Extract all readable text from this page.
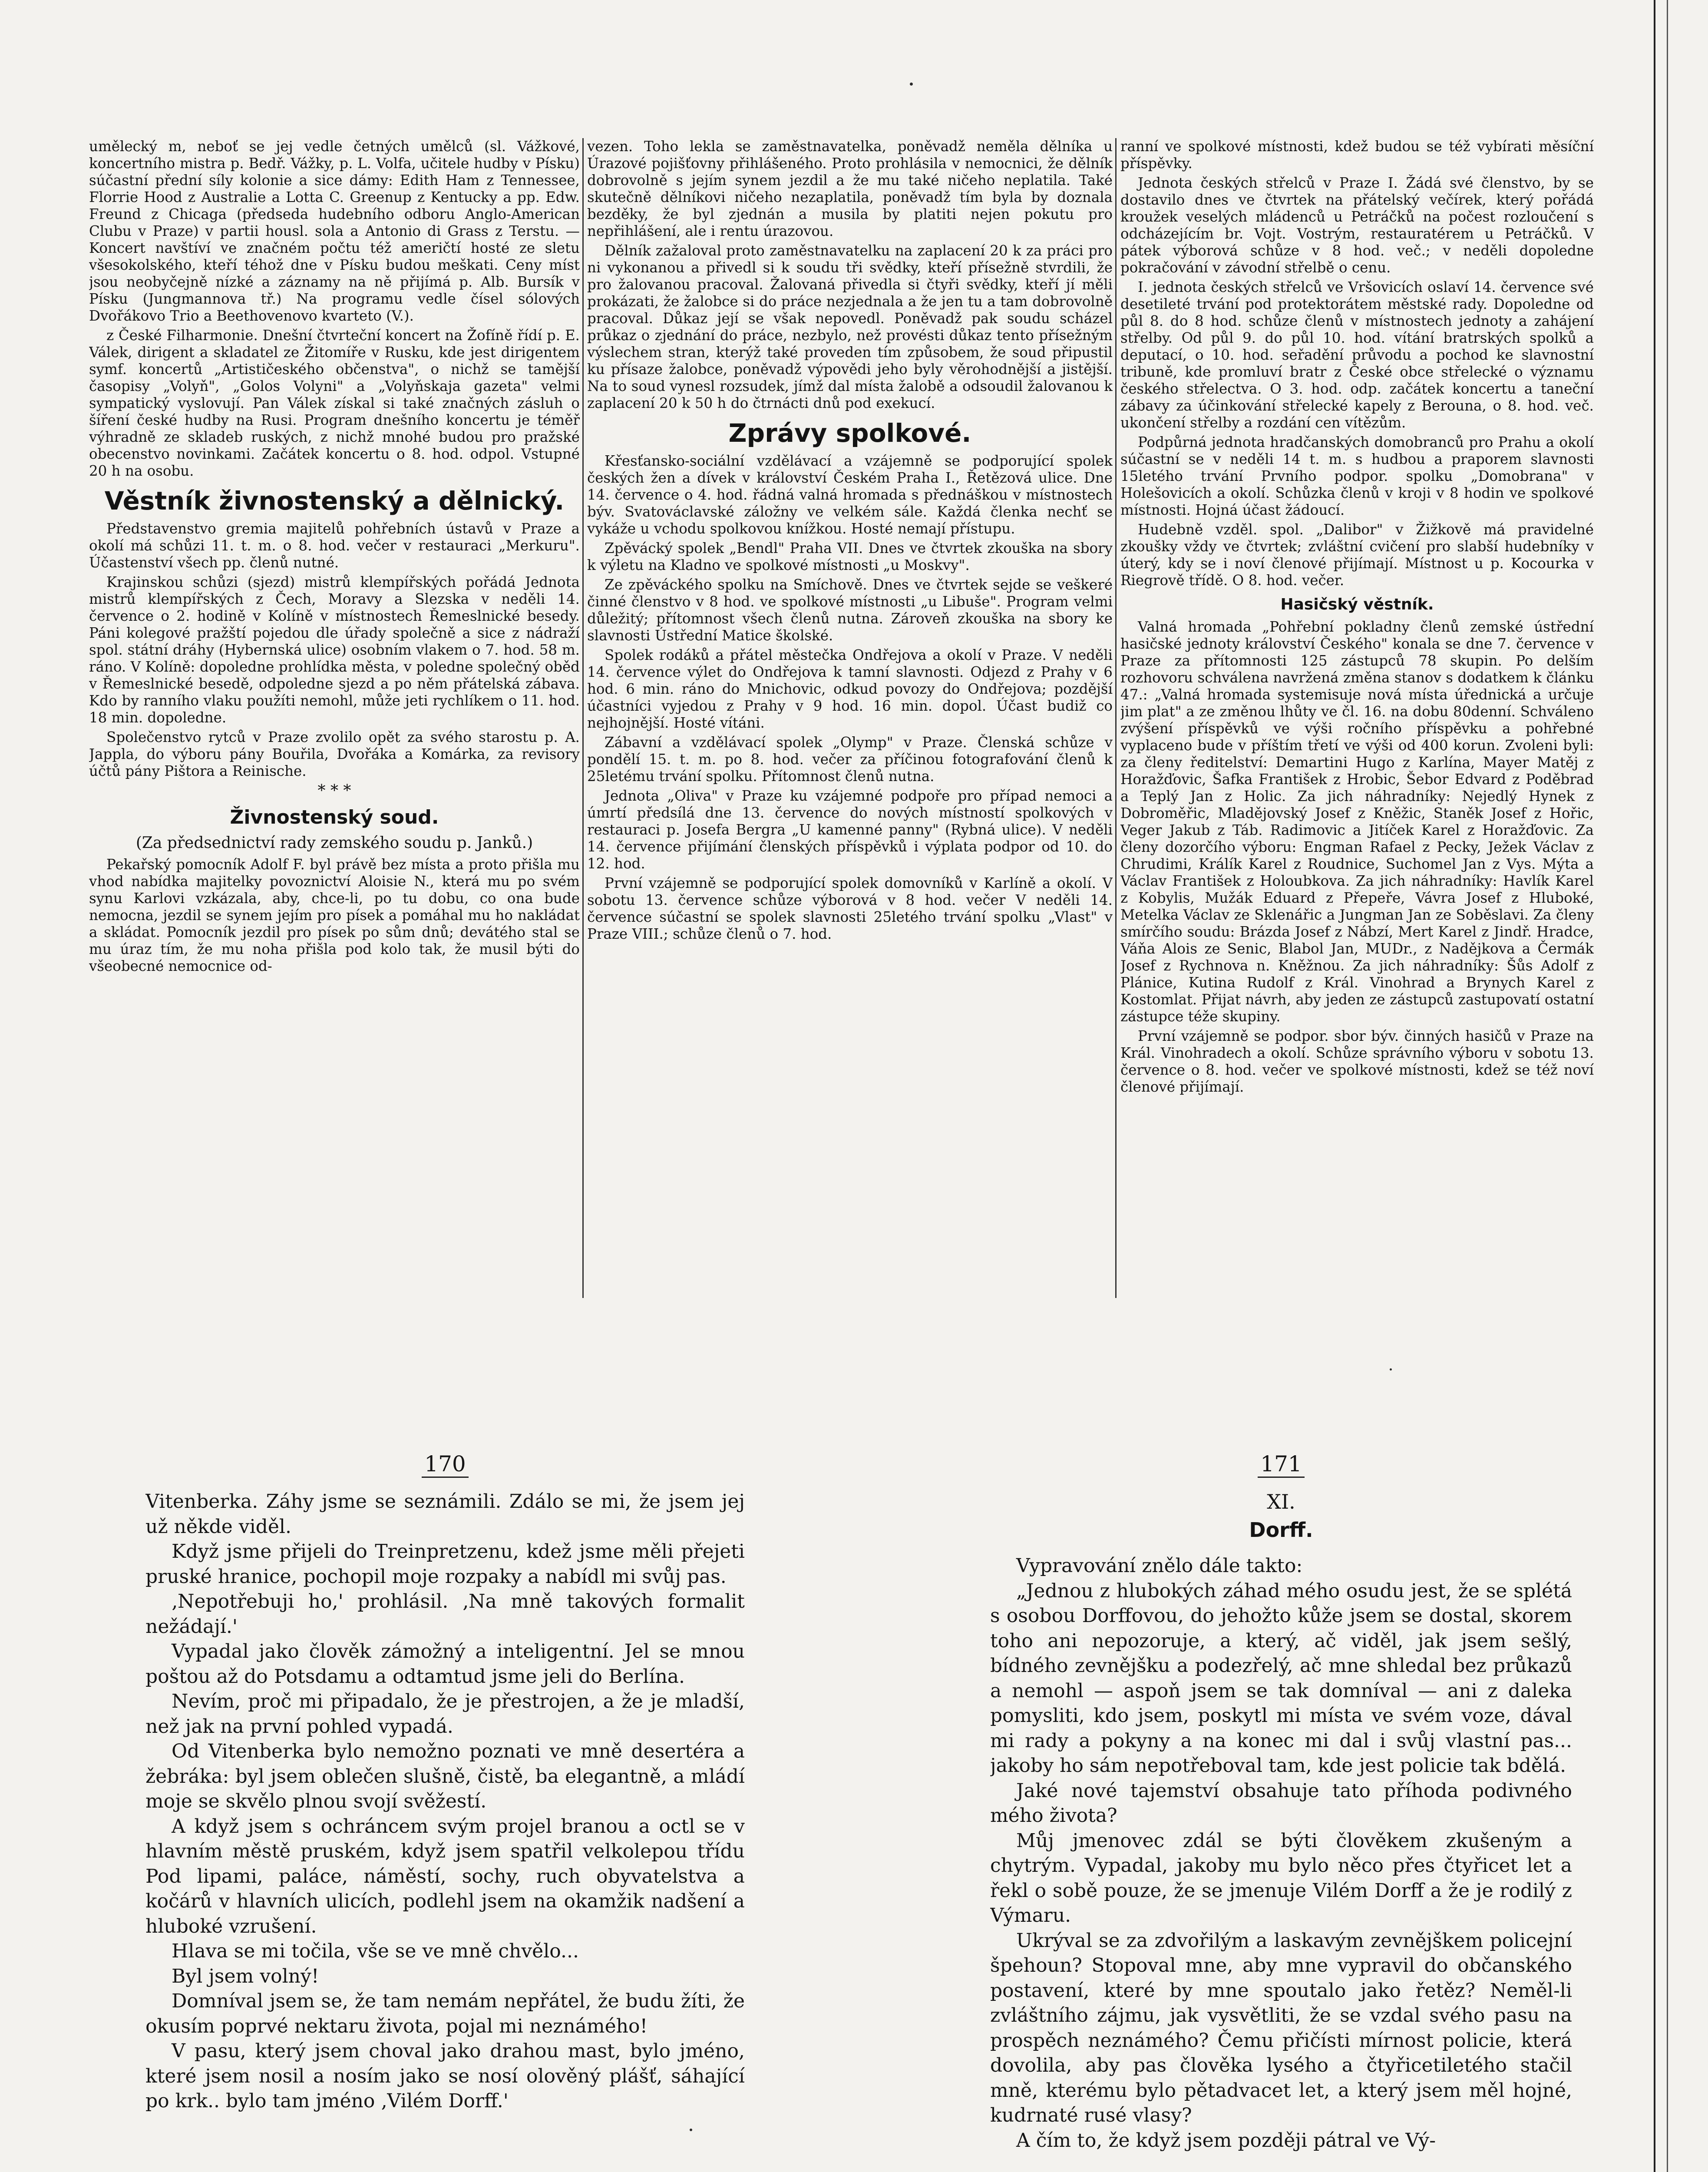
umělecký m, neboť se jej vedle četných umělců (sl. Vážkové, koncertního mistra p. Bedř. Vážky, p. L. Volfa, učitele hudby v Písku) súčastní přední síly kolonie a sice dámy: Edith Ham z Tennessee, Florrie Hood z Australie a Lotta C. Greenup z Kentucky a pp. Edw. Freund z Chicaga (předseda hudebního odboru Anglo-American Clubu v Praze) v partii housl. sola a Antonio di Grass z Terstu. — Koncert navštíví ve značném počtu též američtí hosté ze sletu všesokolského, kteří téhož dne v Písku budou meškati. Ceny míst jsou neobyčejně nízké a záznamy na ně přijímá p. Alb. Bursík v Písku (Jungmannova tř.) Na programu vedle čísel sólových Dvořákovo Trio a Beethovenovo kvarteto (V.).

z České Filharmonie. Dnešní čtvrteční koncert na Žofíně řídí p. E. Válek, dirigent a skladatel ze Žitomíře v Rusku, kde jest dirigentem symf. koncertů „Artističeského občenstva", o nichž se tamější časopisy „Volyň", „Golos Volyni" a „Volyňskaja gazeta" velmi sympatický vyslovují. Pan Válek získal si také značných zásluh o šíření české hudby na Rusi. Program dnešního koncertu je téměř výhradně ze skladeb ruských, z nichž mnohé budou pro pražské obecenstvo novinkami. Začátek koncertu o 8. hod. odpol. Vstupné 20 h na osobu.

Věstník živnostenský a dělnický.

Představenstvo gremia majitelů pohřebních ústavů v Praze a okolí má schůzi 11. t. m. o 8. hod. večer v restauraci „Merkuru". Účastenství všech pp. členů nutné.

Krajinskou schůzi (sjezd) mistrů klempířských pořádá Jednota mistrů klempířských z Čech, Moravy a Slezska v neděli 14. července o 2. hodině v Kolíně v místnostech Řemeslnické besedy. Páni kolegové pražští pojedou dle úřady společně a sice z nádraží spol. státní dráhy (Hybernská ulice) osobním vlakem o 7. hod. 58 m. ráno. V Kolíně: dopoledne prohlídka města, v poledne společný oběd v Řemeslnické besedě, odpoledne sjezd a po něm přátelská zábava. Kdo by ranního vlaku použíti nemohl, může jeti rychlíkem o 11. hod. 18 min. dopoledne.

Společenstvo rytců v Praze zvolilo opět za svého starostu p. A. Jappla, do výboru pány Bouřila, Dvořáka a Komárka, za revisory účtů pány Pištora a Reinische.

* * *
Živnostenský soud.
(Za předsednictví rady zemského soudu p. Janků.)

Pekařský pomocník Adolf F. byl právě bez místa a proto přišla mu vhod nabídka majitelky povoznictví Aloisie N., která mu po svém synu Karlovi vzkázala, aby, chce-li, po tu dobu, co ona bude nemocna, jezdil se synem jejím pro písek a pomáhal mu ho nakládat a skládat. Pomocník jezdil pro písek po sům dnů; devátého stal se mu úraz tím, že mu noha přišla pod kolo tak, že musil býti do všeobecné nemocnice od-

vezen. Toho lekla se zaměstnavatelka, poněvadž neměla dělníka u Úrazové pojišťovny přihlášeného. Proto prohlásila v nemocnici, že dělník dobrovolně s jejím synem jezdil a že mu také ničeho neplatila. Také skutečně dělníkovi ničeho nezaplatila, poněvadž tím byla by doznala bezděky, že byl zjednán a musila by platiti nejen pokutu pro nepřihlášení, ale i rentu úrazovou.

Dělník zažaloval proto zaměstnavatelku na zaplacení 20 k za práci pro ni vykonanou a přivedl si k soudu tři svědky, kteří přísežně stvrdili, že pro žalovanou pracoval. Žalovaná přivedla si čtyři svědky, kteří jí měli prokázati, že žalobce si do práce nezjednala a že jen tu a tam dobrovolně pracoval. Důkaz její se však nepovedl. Poněvadž pak soudu scházel průkaz o zjednání do práce, nezbylo, než provésti důkaz tento přísežným výslechem stran, kterýž také proveden tím způsobem, že soud připustil ku přísaze žalobce, poněvadž výpovědi jeho byly věrohodnější a jistější. Na to soud vynesl rozsudek, jímž dal místa žalobě a odsoudil žalovanou k zaplacení 20 k 50 h do čtrnácti dnů pod exekucí.

Zprávy spolkové.

Křesťansko-sociální vzdělávací a vzájemně se podporující spolek českých žen a dívek v království Českém Praha I., Řetězová ulice. Dne 14. července o 4. hod. řádná valná hromada s přednáškou v místnostech býv. Svatováclavské záložny ve velkém sále. Každá členka nechť se vykáže u vchodu spolkovou knížkou. Hosté nemají přístupu.

Zpěvácký spolek „Bendl" Praha VII. Dnes ve čtvrtek zkouška na sbory k výletu na Kladno ve spolkové místnosti „u Moskvy".

Ze zpěváckého spolku na Smíchově. Dnes ve čtvrtek sejde se veškeré činné členstvo v 8 hod. ve spolkové místnosti „u Libuše". Program velmi důležitý; přítomnost všech členů nutna. Zároveň zkouška na sbory ke slavnosti Ústřední Matice školské.

Spolek rodáků a přátel městečka Ondřejova a okolí v Praze. V neděli 14. července výlet do Ondřejova k tamní slavnosti. Odjezd z Prahy v 6 hod. 6 min. ráno do Mnichovic, odkud povozy do Ondřejova; pozdější účastníci vyjedou z Prahy v 9 hod. 16 min. dopol. Účast budiž co nejhojnější. Hosté vítáni.

Zábavní a vzdělávací spolek „Olymp" v Praze. Členská schůze v pondělí 15. t. m. po 8. hod. večer za příčinou fotografování členů k 25letému trvání spolku. Přítomnost členů nutna.

Jednota „Oliva" v Praze ku vzájemné podpoře pro případ nemoci a úmrtí předsílá dne 13. července do nových místností spolkových v restauraci p. Josefa Bergra „U kamenné panny" (Rybná ulice). V neděli 14. července přijímání členských příspěvků i výplata podpor od 10. do 12. hod.

První vzájemně se podporující spolek domovníků v Karlíně a okolí. V sobotu 13. července schůze výborová v 8 hod. večer V neděli 14. července súčastní se spolek slavnosti 25letého trvání spolku „Vlast" v Praze VIII.; schůze členů o 7. hod.

ranní ve spolkové místnosti, kdež budou se též vybírati měsíční příspěvky.

Jednota českých střelců v Praze I. Žádá své členstvo, by se dostavilo dnes ve čtvrtek na přátelský večírek, který pořádá kroužek veselých mládenců u Petráčků na počest rozloučení s odcházejícím br. Vojt. Vostrým, restauratérem u Petráčků. V pátek výborová schůze v 8 hod. več.; v neděli dopoledne pokračování v závodní střelbě o cenu.

I. jednota českých střelců ve Vršovicích oslaví 14. července své desetileté trvání pod protektorátem městské rady. Dopoledne od půl 8. do 8 hod. schůze členů v místnostech jednoty a zahájení střelby. Od půl 9. do půl 10. hod. vítání bratrských spolků a deputací, o 10. hod. seřadění průvodu a pochod ke slavnostní tribuně, kde promluví bratr z České obce střelecké o významu českého střelectva. O 3. hod. odp. začátek koncertu a taneční zábavy za účinkování střelecké kapely z Berouna, o 8. hod. več. ukončení střelby a rozdání cen vítězům.

Podpůrná jednota hradčanských domobranců pro Prahu a okolí súčastní se v neděli 14 t. m. s hudbou a praporem slavnosti 15letého trvání Prvního podpor. spolku „Domobrana" v Holešovicích a okolí. Schůzka členů v kroji v 8 hodin ve spolkové místnosti. Hojná účast žádoucí.

Hudebně vzděl. spol. „Dalibor" v Žižkově má pravidelné zkoušky vždy ve čtvrtek; zvláštní cvičení pro slabší hudebníky v úterý, kdy se i noví členové přijímají. Místnost u p. Kocourka v Riegrově třídě. O 8. hod. večer.

Hasičský věstník.

Valná hromada „Pohřební pokladny členů zemské ústřední hasičské jednoty království Českého" konala se dne 7. července v Praze za přítomnosti 125 zástupců 78 skupin. Po delším rozhovoru schválena navržená změna stanov s dodatkem k článku 47.: „Valná hromada systemisuje nová místa úřednická a určuje jim plat" a ze změnou lhůty ve čl. 16. na dobu 80denní. Schváleno zvýšení příspěvků ve výši ročního příspěvku a pohřebné vyplaceno bude v příštím třetí ve výši od 400 korun. Zvoleni byli: za členy ředitelství: Demartini Hugo z Karlína, Mayer Matěj z Horažďovic, Šafka František z Hrobic, Šebor Edvard z Poděbrad a Teplý Jan z Holic. Za jich náhradníky: Nejedlý Hynek z Dobroměřic, Mladějovský Josef z Kněžic, Staněk Josef z Hořic, Veger Jakub z Táb. Radimovic a Jitíček Karel z Horažďovic. Za členy dozorčího výboru: Engman Rafael z Pecky, Ježek Václav z Chrudimi, Králík Karel z Roudnice, Suchomel Jan z Vys. Mýta a Václav František z Holoubkova. Za jich náhradníky: Havlík Karel z Kobylis, Mužák Eduard z Přepeře, Vávra Josef z Hluboké, Metelka Václav ze Sklenářic a Jungman Jan ze Soběslavi. Za členy smírčího soudu: Brázda Josef z Nábzí, Mert Karel z Jindř. Hradce, Váňa Alois ze Senic, Blabol Jan, MUDr., z Nadějkova a Čermák Josef z Rychnova n. Kněžnou. Za jich náhradníky: Šůs Adolf z Plánice, Kutina Rudolf z Král. Vinohrad a Brynych Karel z Kostomlat. Přijat návrh, aby jeden ze zástupců zastupovatí ostatní zástupce téže skupiny.

První vzájemně se podpor. sbor býv. činných hasičů v Praze na Král. Vinohradech a okolí. Schůze správního výboru v sobotu 13. července o 8. hod. večer ve spolkové místnosti, kdež se též noví členové přijímají.

170

Vitenberka. Záhy jsme se seznámili. Zdálo se mi, že jsem jej už někde viděl.

Když jsme přijeli do Treinpretzenu, kdež jsme měli přejeti pruské hranice, pochopil moje rozpaky a nabídl mi svůj pas.

‚Nepotřebuji ho,' prohlásil. ‚Na mně takových formalit nežádají.'

Vypadal jako člověk zámožný a inteligentní. Jel se mnou poštou až do Potsdamu a odtamtud jsme jeli do Berlína.

Nevím, proč mi připadalo, že je přestrojen, a že je mladší, než jak na první pohled vypadá.

Od Vitenberka bylo nemožno poznati ve mně desertéra a žebráka: byl jsem oblečen slušně, čistě, ba elegantně, a mládí moje se skvělo plnou svojí svěžestí.

A když jsem s ochráncem svým projel branou a octl se v hlavním městě pruském, když jsem spatřil velkolepou třídu Pod lipami, paláce, náměstí, sochy, ruch obyvatelstva a kočárů v hlavních ulicích, podlehl jsem na okamžik nadšení a hluboké vzrušení.

Hlava se mi točila, vše se ve mně chvělo...

Byl jsem volný!

Domníval jsem se, že tam nemám nepřátel, že budu žíti, že okusím poprvé nektaru života, pojal mi neznámého!

V pasu, který jsem choval jako drahou mast, bylo jméno, které jsem nosil a nosím jako se nosí olověný plášť, sáhající po krk.. bylo tam jméno ‚Vilém Dorff.'

171
XI.
Dorff.

Vypravování znělo dále takto:

„Jednou z hlubokých záhad mého osudu jest, že se splétá s osobou Dorffovou, do jehožto kůže jsem se dostal, skorem toho ani nepozoruje, a který, ač viděl, jak jsem sešlý, bídného zevnějšku a podezřelý, ač mne shledal bez průkazů a nemohl — aspoň jsem se tak domníval — ani z daleka pomysliti, kdo jsem, poskytl mi místa ve svém voze, dával mi rady a pokyny a na konec mi dal i svůj vlastní pas... jakoby ho sám nepotřeboval tam, kde jest policie tak bdělá.

Jaké nové tajemství obsahuje tato příhoda podivného mého života?

Můj jmenovec zdál se býti člověkem zkušeným a chytrým. Vypadal, jakoby mu bylo něco přes čtyřicet let a řekl o sobě pouze, že se jmenuje Vilém Dorff a že je rodilý z Výmaru.

Ukrýval se za zdvořilým a laskavým zevnějškem policejní špehoun? Stopoval mne, aby mne vypravil do občanského postavení, které by mne spoutalo jako řetěz? Neměl-li zvláštního zájmu, jak vysvětliti, že se vzdal svého pasu na prospěch neznámého? Čemu přičísti mírnost policie, která dovolila, aby pas člověka lysého a čtyřicetiletého stačil mně, kterému bylo pětadvacet let, a který jsem měl hojné, kudrnaté rusé vlasy?

A čím to, že když jsem později pátral ve Vý-
